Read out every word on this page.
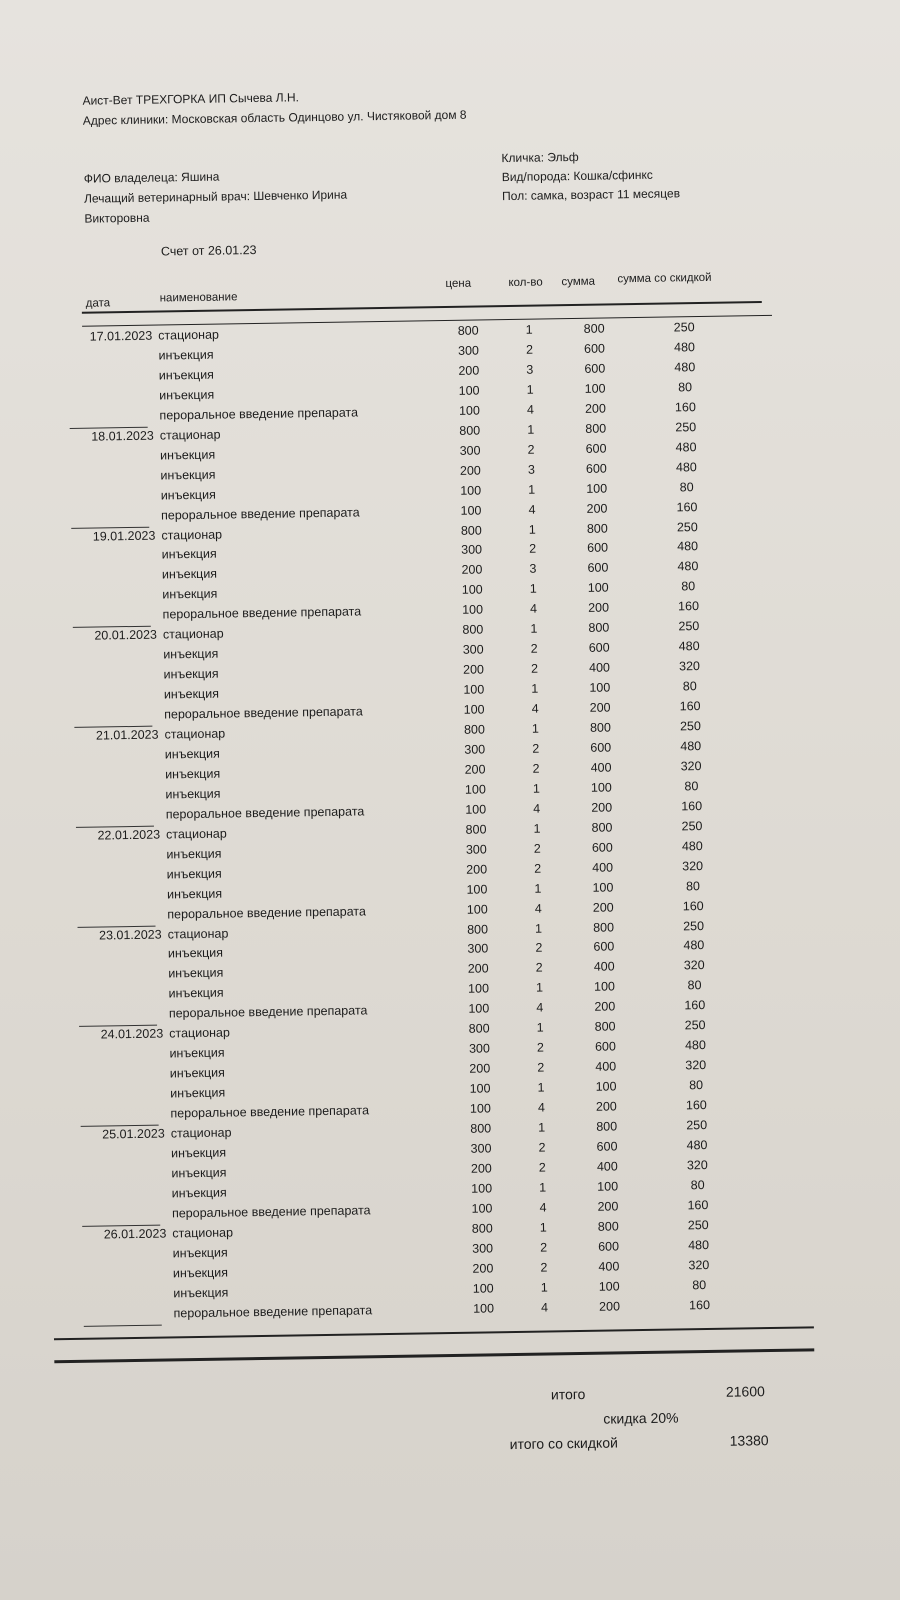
Аист-Вет ТРЕХГОРКА ИП Сычева Л.Н.
Адрес клиники: Московская область Одинцово ул. Чистяковой дом 8
ФИО владелеца: Яшина
Лечащий ветеринарный врач: Шевченко Ирина
Викторовна
Кличка: Эльф
Вид/порода: Кошка/сфинкс
Пол: самка, возраст 11 месяцев
Счет от 26.01.23
дата	наименование
цена	кол-во сумма сумма со скидкой
17.01.2023 стационар	800	1	800	250
инъекция	300	2	600	480
инъекция	200	3	600	480
инъекция	100	1	100	80
пероральное введение препарата	100	4	200	160
18.01.2023 стационар	800	1	800	250
инъекция	300	2	600	480
инъекция	200	3	600	480
инъекция	100	1	100	80
пероральное введение препарата	100	4	200	160
19.01.2023 стационар	800	1	800	250
инъекция	300	2	600	480
инъекция	200	3	600	480
инъекция	100	1	100	80
пероральное введение препарата	100	4	200	160
20.01.2023 стационар	800	1	800	250
инъекция	300	2	600	480
инъекция	200	2	400	320
инъекция	100	1	100	80
пероральное введение препарата	100	4	200	160
21.01.2023 стационар	800	1	800	250
инъекция	300	2	600	480
инъекция	200	2	400	320
инъекция	100	1	100	80
пероральное введение препарата	100	4	200	160
22.01.2023 стационар	800	1	800	250
инъекция	300	2	600	480
инъекция	200	2	400	320
инъекция	100	1	100	80
пероральное введение препарата	100	4	200	160
23.01.2023 стационар	800	1	800	250
инъекция	300	2	600	480
инъекция	200	2	400	320
инъекция	100	1	100	80
пероральное введение препарата	100	4	200	160
24.01.2023 стационар	800	1	800	250
инъекция	300	2	600	480
инъекция	200	2	400	320
инъекция	100	1	100	80
пероральное введение препарата	100	4	200	160
25.01.2023 стационар	800	1	800	250
инъекция	300	2	600	480
инъекция	200	2	400	320
инъекция	100	1	100	80
пероральное введение препарата	100	4	200	160
26.01.2023 стационар	800	1	800	250
инъекция	300	2	600	480
инъекция	200	2	400	320
инъекция	100	1	100	80
пероральное введение препарата	100	4	200	160
итого	21600
скидка 20%
итого со скидкой	13380
